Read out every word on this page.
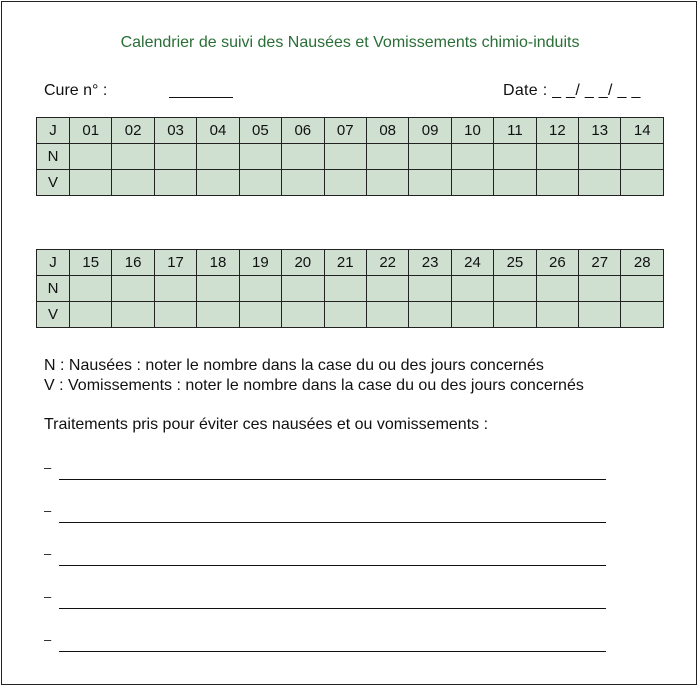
Calendrier de suivi des Nausées et Vomissements chimio-induits
Cure n° :	Date : _ _/ _ _/ _ _
J	01	02	03	04	05	06	07	08	09	10	11	12	13	14
N														
V														
J	15	16	17	18	19	20	21	22	23	24	25	26	27	28
N														
V														
N : Nausées : noter le nombre dans la case du ou des jours concernés
V : Vomissements : noter le nombre dans la case du ou des jours concernés
Traitements pris pour éviter ces nausées et ou vomissements :
–
–
–
–
–
